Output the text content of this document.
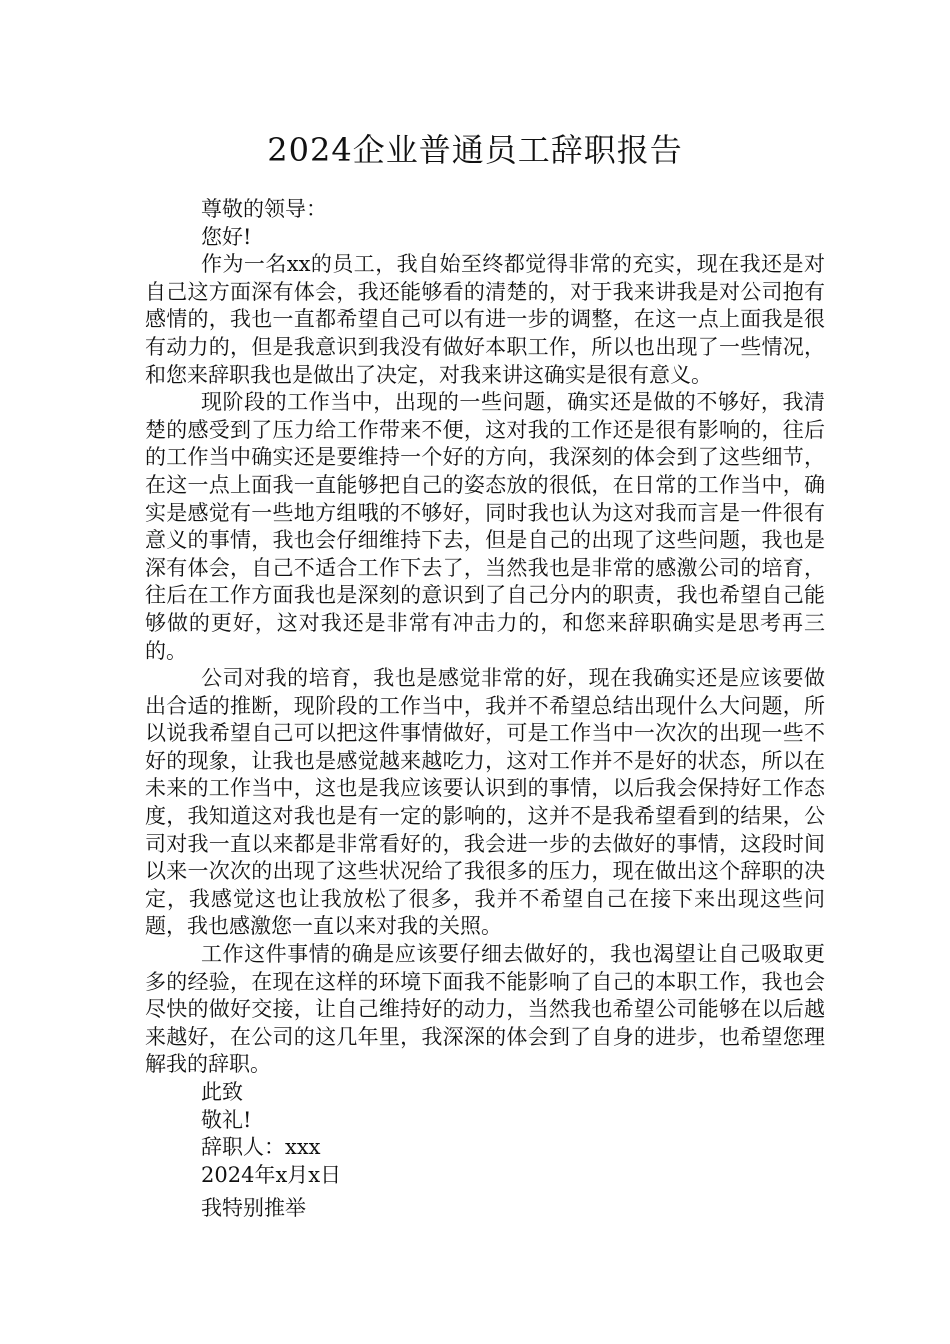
2024企业普通员工辞职报告

尊敬的领导：

您好!

作为一名xx的员工，我自始至终都觉得非常的充实，现在我还是对自己这方面深有体会，我还能够看的清楚的，对于我来讲我是对公司抱有感情的，我也一直都希望自己可以有进一步的调整，在这一点上面我是很有动力的，但是我意识到我没有做好本职工作，所以也出现了一些情况，和您来辞职我也是做出了决定，对我来讲这确实是很有意义。

现阶段的工作当中，出现的一些问题，确实还是做的不够好，我清楚的感受到了压力给工作带来不便，这对我的工作还是很有影响的，往后的工作当中确实还是要维持一个好的方向，我深刻的体会到了这些细节，在这一点上面我一直能够把自己的姿态放的很低，在日常的工作当中，确实是感觉有一些地方组哦的不够好，同时我也认为这对我而言是一件很有意义的事情，我也会仔细维持下去，但是自己的出现了这些问题，我也是深有体会，自己不适合工作下去了，当然我也是非常的感激公司的培育，往后在工作方面我也是深刻的意识到了自己分内的职责，我也希望自己能够做的更好，这对我还是非常有冲击力的，和您来辞职确实是思考再三的。

公司对我的培育，我也是感觉非常的好，现在我确实还是应该要做出合适的推断，现阶段的工作当中，我并不希望总结出现什么大问题，所以说我希望自己可以把这件事情做好，可是工作当中一次次的出现一些不好的现象，让我也是感觉越来越吃力，这对工作并不是好的状态，所以在未来的工作当中，这也是我应该要认识到的事情，以后我会保持好工作态度，我知道这对我也是有一定的影响的，这并不是我希望看到的结果，公司对我一直以来都是非常看好的，我会进一步的去做好的事情，这段时间以来一次次的出现了这些状况给了我很多的压力，现在做出这个辞职的决定，我感觉这也让我放松了很多，我并不希望自己在接下来出现这些问题，我也感激您一直以来对我的关照。

工作这件事情的确是应该要仔细去做好的，我也渴望让自己吸取更多的经验，在现在这样的环境下面我不能影响了自己的本职工作，我也会尽快的做好交接，让自己维持好的动力，当然我也希望公司能够在以后越来越好，在公司的这几年里，我深深的体会到了自身的进步，也希望您理解我的辞职。

此致

敬礼!

辞职人：xxx

2024年x月x日

我特别推举
